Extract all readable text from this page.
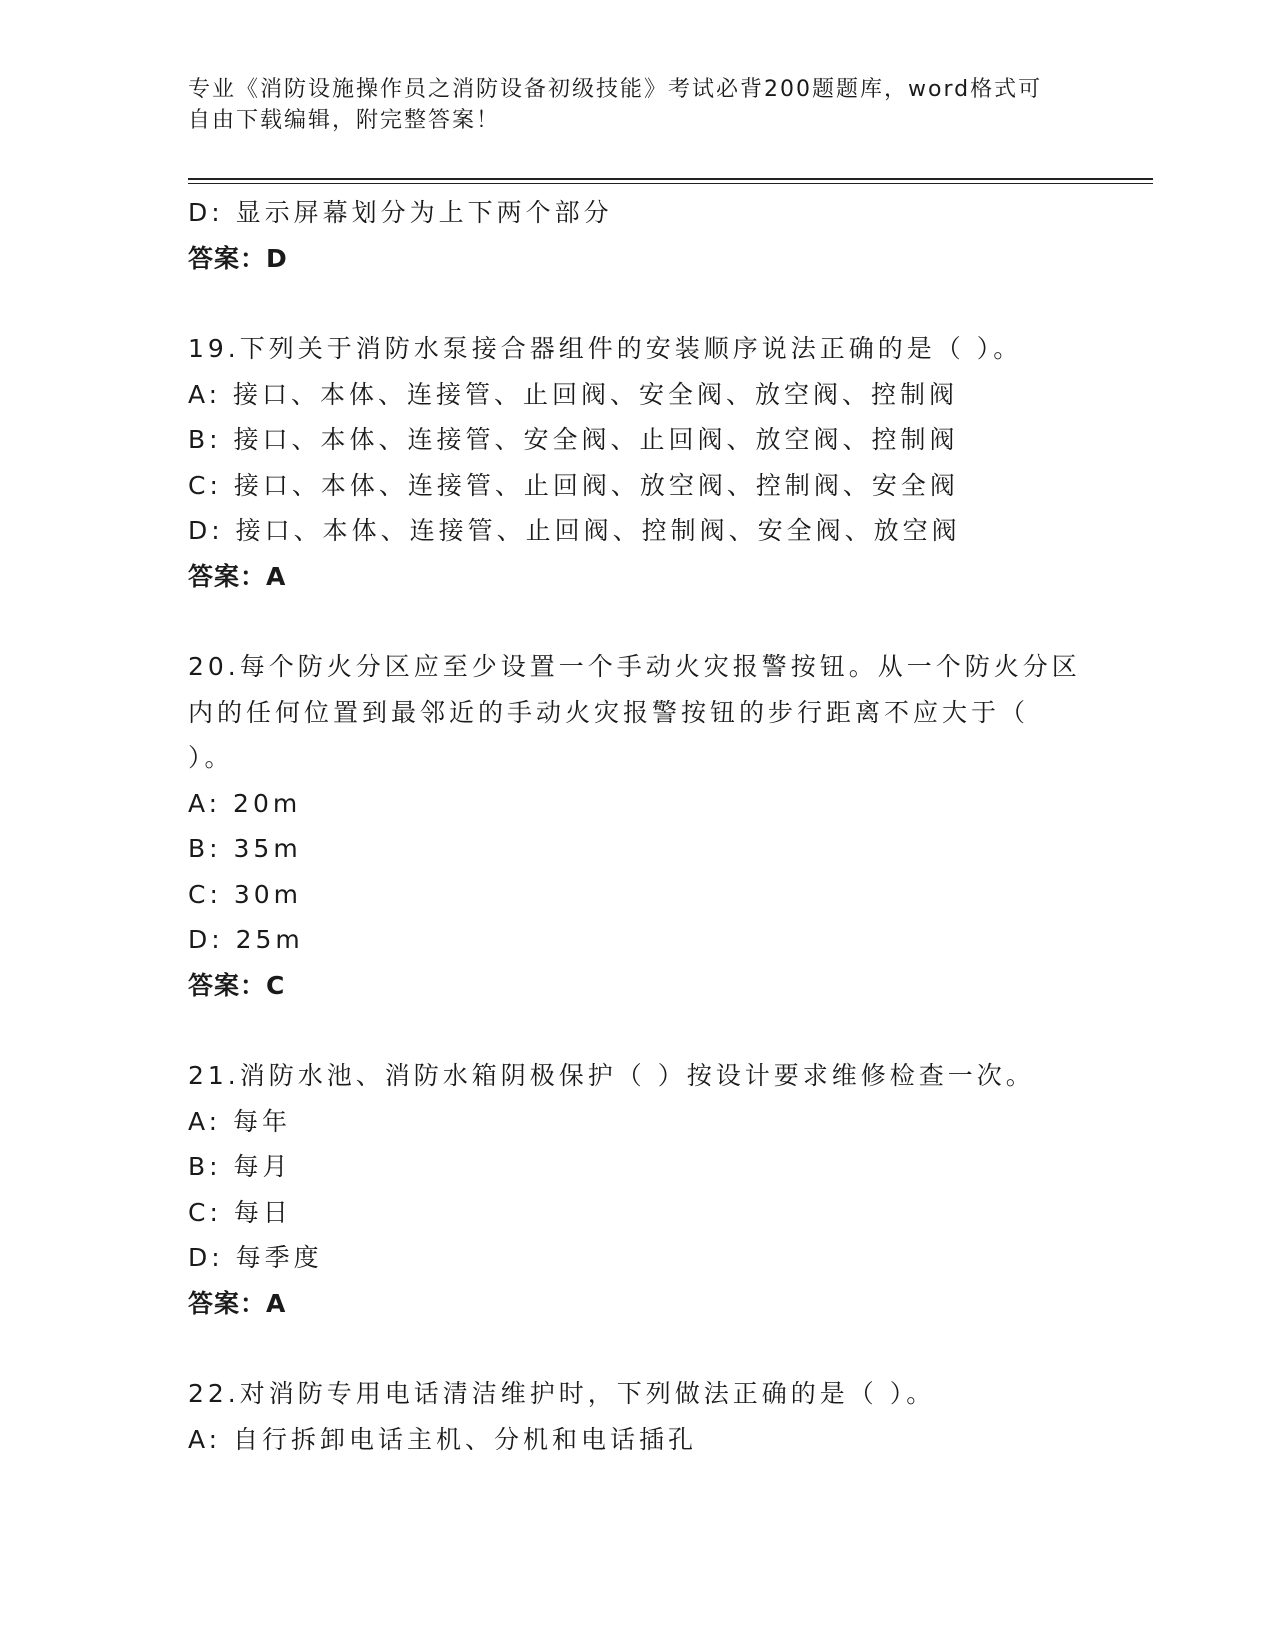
专业《消防设施操作员之消防设备初级技能》考试必背200题题库，word格式可
自由下载编辑，附完整答案！
D: 显示屏幕划分为上下两个部分
答案：D
19.下列关于消防水泵接合器组件的安装顺序说法正确的是（ ）。
A: 接口、本体、连接管、止回阀、安全阀、放空阀、控制阀
B: 接口、本体、连接管、安全阀、止回阀、放空阀、控制阀
C: 接口、本体、连接管、止回阀、放空阀、控制阀、安全阀
D: 接口、本体、连接管、止回阀、控制阀、安全阀、放空阀
答案：A
20.每个防火分区应至少设置一个手动火灾报警按钮。从一个防火分区
内的任何位置到最邻近的手动火灾报警按钮的步行距离不应大于（
）。
A: 20m
B: 35m
C: 30m
D: 25m
答案：C
21.消防水池、消防水箱阴极保护（ ）按设计要求维修检查一次。
A: 每年
B: 每月
C: 每日
D: 每季度
答案：A
22.对消防专用电话清洁维护时，下列做法正确的是（ ）。
A: 自行拆卸电话主机、分机和电话插孔
